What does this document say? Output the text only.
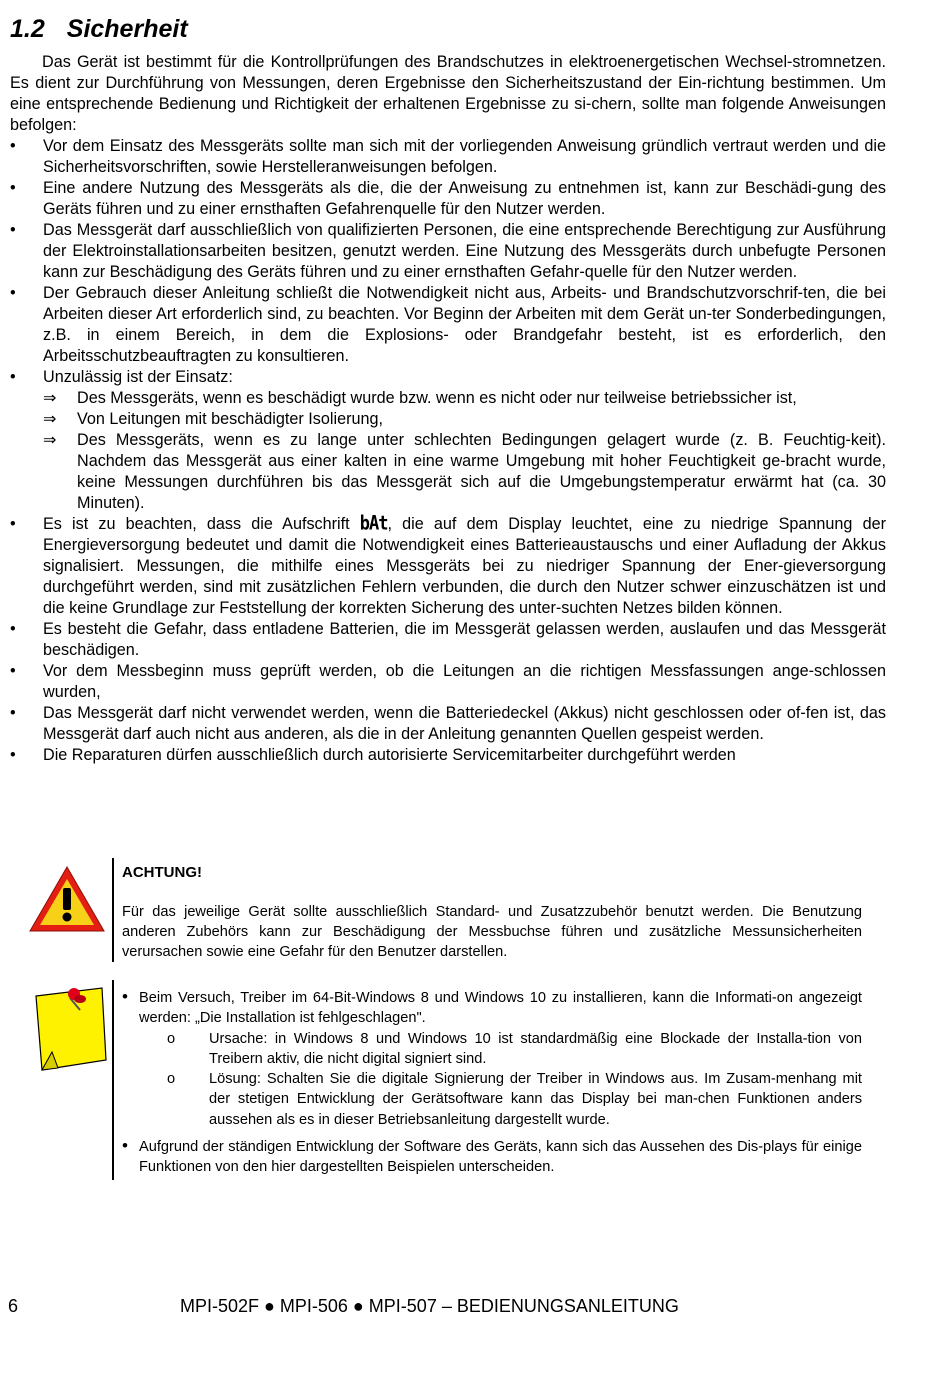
1.2 Sicherheit

Das Gerät ist bestimmt für die Kontrollprüfungen des Brandschutzes in elektroenergetischen Wechsel-stromnetzen. Es dient zur Durchführung von Messungen, deren Ergebnisse den Sicherheitszustand der Ein-richtung bestimmen. Um eine entsprechende Bedienung und Richtigkeit der erhaltenen Ergebnisse zu si-chern, sollte man folgende Anweisungen befolgen:

•	Vor dem Einsatz des Messgeräts sollte man sich mit der vorliegenden Anweisung gründlich vertraut werden und die Sicherheitsvorschriften, sowie Herstelleranweisungen befolgen.
•	Eine andere Nutzung des Messgeräts als die, die der Anweisung zu entnehmen ist, kann zur Beschädi-gung des Geräts führen und zu einer ernsthaften Gefahrenquelle für den Nutzer werden.
•	Das Messgerät darf ausschließlich von qualifizierten Personen, die eine entsprechende Berechtigung zur Ausführung der Elektroinstallationsarbeiten besitzen, genutzt werden. Eine Nutzung des Messgeräts durch unbefugte Personen kann zur Beschädigung des Geräts führen und zu einer ernsthaften Gefahr-quelle für den Nutzer werden.
•	Der Gebrauch dieser Anleitung schließt die Notwendigkeit nicht aus, Arbeits- und Brandschutzvorschrif-ten, die bei Arbeiten dieser Art erforderlich sind, zu beachten. Vor Beginn der Arbeiten mit dem Gerät un-ter Sonderbedingungen, z.B. in einem Bereich, in dem die Explosions- oder Brandgefahr besteht, ist es erforderlich, den Arbeitsschutzbeauftragten zu konsultieren.
•	Unzulässig ist der Einsatz:
⇒ Des Messgeräts, wenn es beschädigt wurde bzw. wenn es nicht oder nur teilweise betriebssicher ist,
⇒ Von Leitungen mit beschädigter Isolierung,
⇒ Des Messgeräts, wenn es zu lange unter schlechten Bedingungen gelagert wurde (z. B. Feuchtig-keit). Nachdem das Messgerät aus einer kalten in eine warme Umgebung mit hoher Feuchtigkeit ge-bracht wurde, keine Messungen durchführen bis das Messgerät sich auf die Umgebungstemperatur erwärmt hat (ca. 30 Minuten).
•	Es ist zu beachten, dass die Aufschrift bAt, die auf dem Display leuchtet, eine zu niedrige Spannung der Energieversorgung bedeutet und damit die Notwendigkeit eines Batterieaustauschs und einer Aufladung der Akkus signalisiert. Messungen, die mithilfe eines Messgeräts bei zu niedriger Spannung der Ener-gieversorgung durchgeführt werden, sind mit zusätzlichen Fehlern verbunden, die durch den Nutzer schwer einzuschätzen ist und die keine Grundlage zur Feststellung der korrekten Sicherung des unter-suchten Netzes bilden können.
•	Es besteht die Gefahr, dass entladene Batterien, die im Messgerät gelassen werden, auslaufen und das Messgerät beschädigen.
•	Vor dem Messbeginn muss geprüft werden, ob die Leitungen an die richtigen Messfassungen ange-schlossen wurden,
•	Das Messgerät darf nicht verwendet werden, wenn die Batteriedeckel (Akkus) nicht geschlossen oder of-fen ist, das Messgerät darf auch nicht aus anderen, als die in der Anleitung genannten Quellen gespeist werden.
•	Die Reparaturen dürfen ausschließlich durch autorisierte Servicemitarbeiter durchgeführt werden
ACHTUNG!
Für das jeweilige Gerät sollte ausschließlich Standard- und Zusatzzubehör benutzt werden. Die Benutzung anderen Zubehörs kann zur Beschädigung der Messbuchse führen und zusätzliche Messunsicherheiten verursachen sowie eine Gefahr für den Benutzer darstellen.
• Beim Versuch, Treiber im 64-Bit-Windows 8 und Windows 10 zu installieren, kann die Informati-on angezeigt werden: „Die Installation ist fehlgeschlagen".
o Ursache: in Windows 8 und Windows 10 ist standardmäßig eine Blockade der Installa-tion von Treibern aktiv, die nicht digital signiert sind.
o Lösung: Schalten Sie die digitale Signierung der Treiber in Windows aus. Im Zusam-menhang mit der stetigen Entwicklung der Gerätsoftware kann das Display bei man-chen Funktionen anders aussehen als es in dieser Betriebsanleitung dargestellt wurde.
• Aufgrund der ständigen Entwicklung der Software des Geräts, kann sich das Aussehen des Dis-plays für einige Funktionen von den hier dargestellten Beispielen unterscheiden.
6	MPI-502F ● MPI-506 ● MPI-507 – BEDIENUNGSANLEITUNG
